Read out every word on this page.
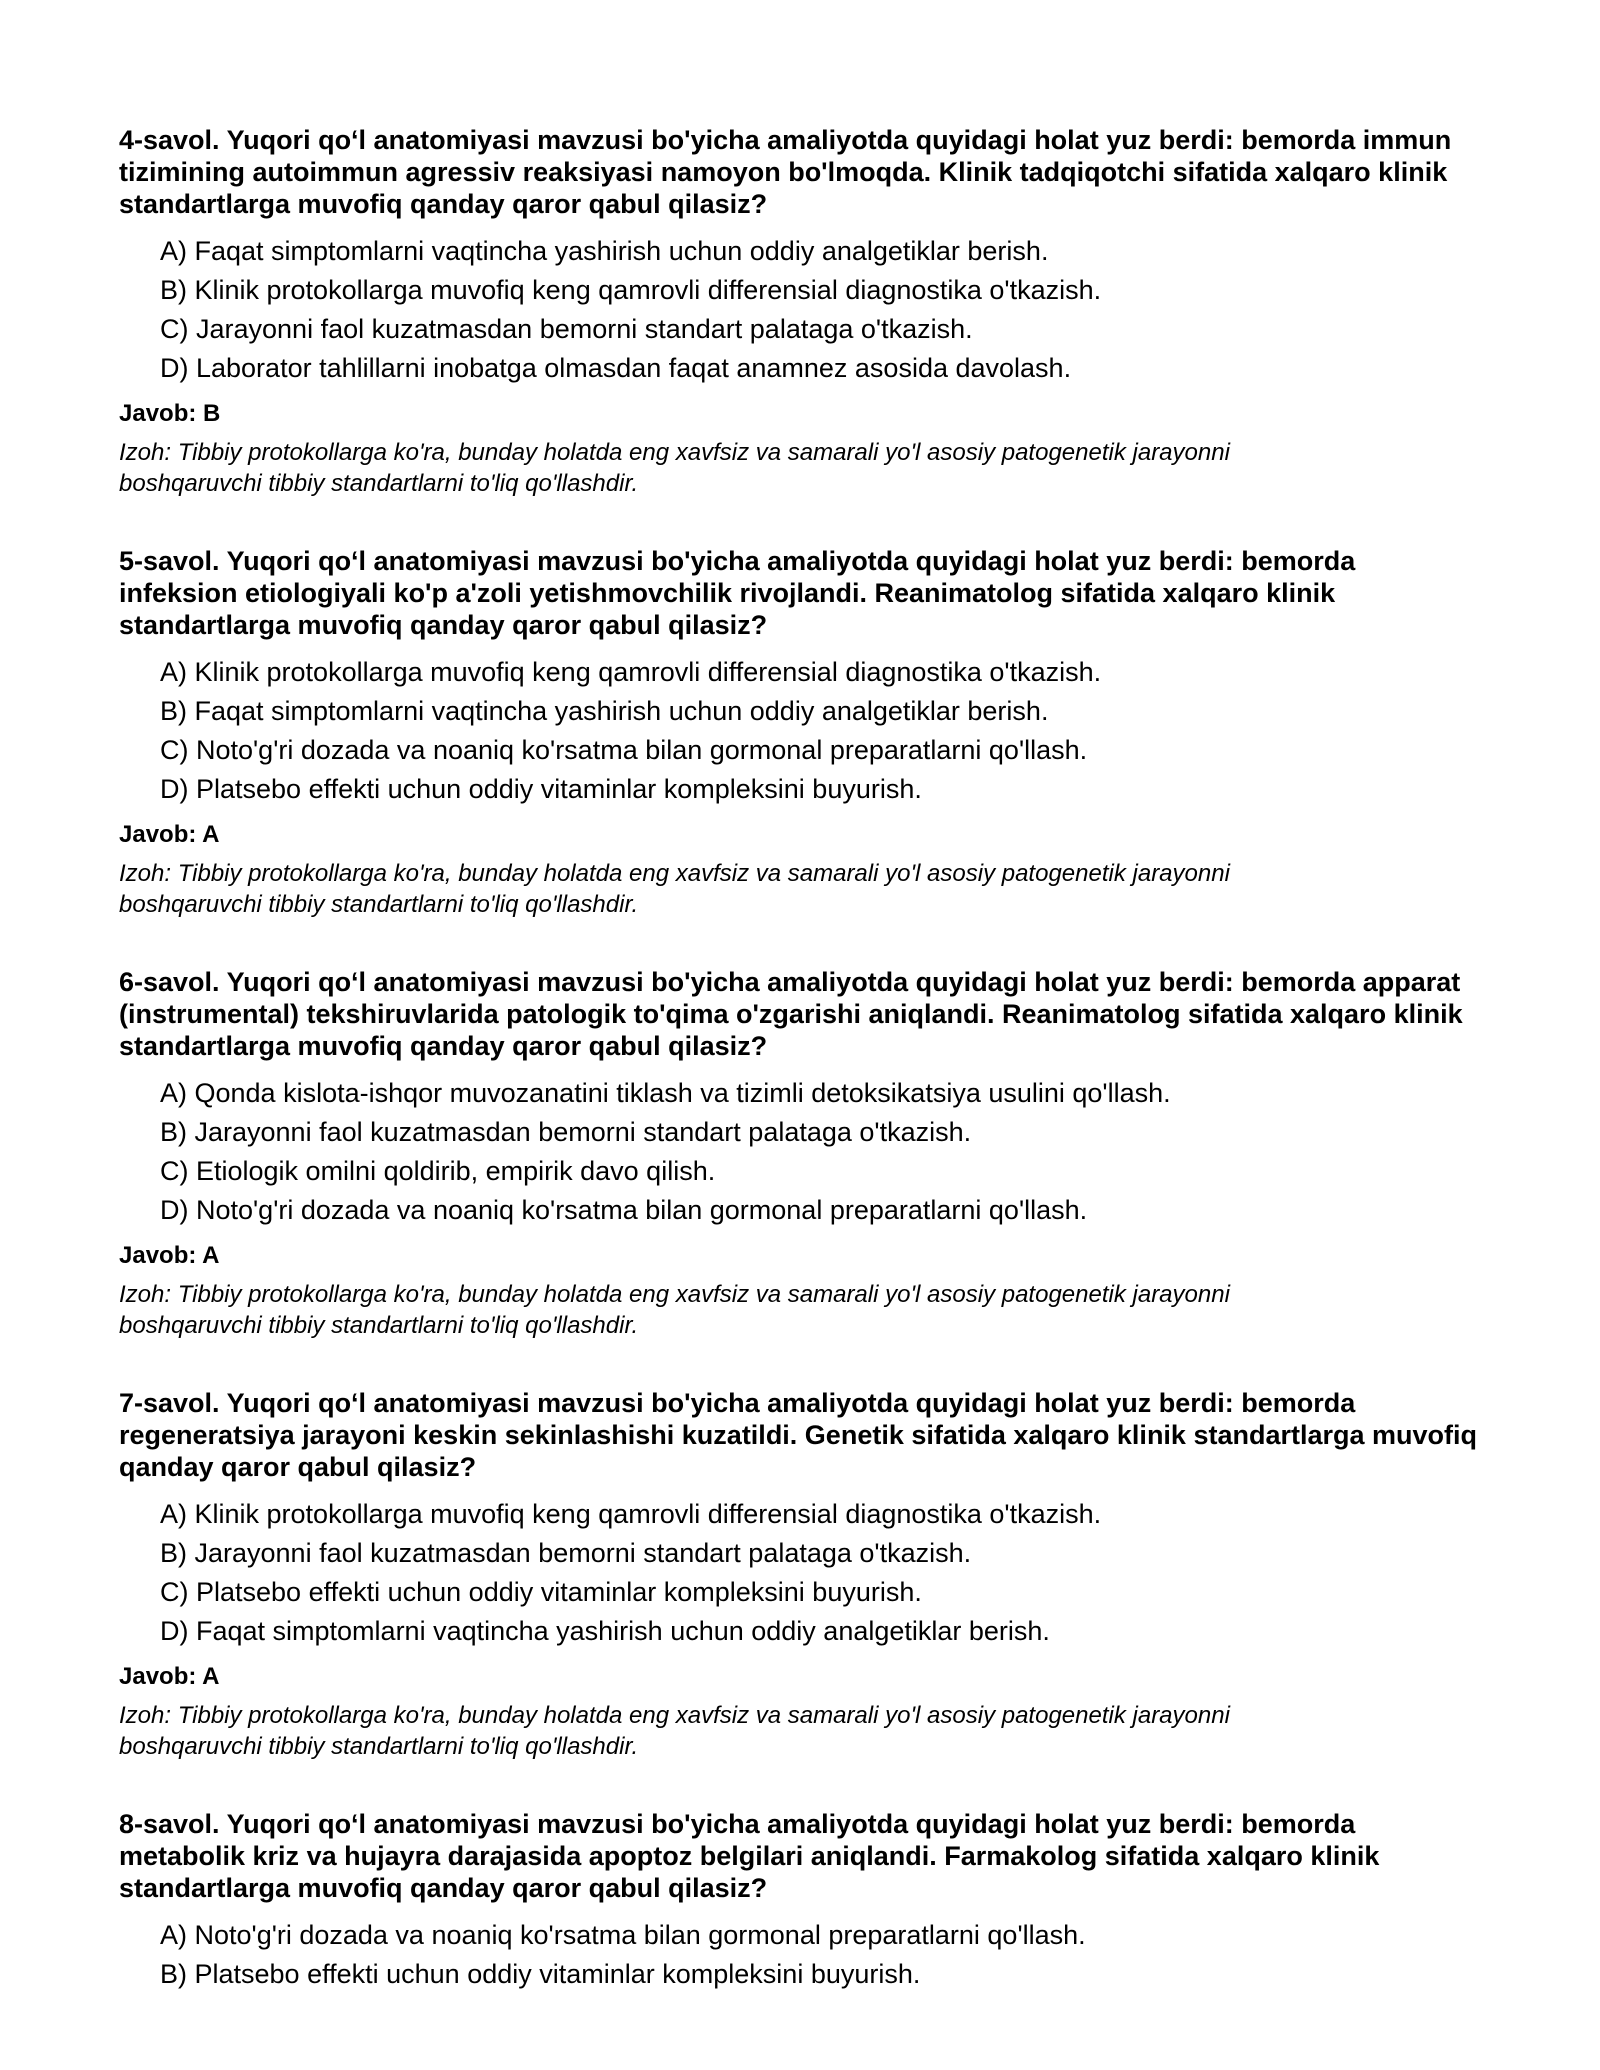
4-savol. Yuqori qo‘l anatomiyasi mavzusi bo'yicha amaliyotda quyidagi holat yuz berdi: bemorda immun tizimining autoimmun agressiv reaksiyasi namoyon bo'lmoqda. Klinik tadqiqotchi sifatida xalqaro klinik standartlarga muvofiq qanday qaror qabul qilasiz?

A) Faqat simptomlarni vaqtincha yashirish uchun oddiy analgetiklar berish.
B) Klinik protokollarga muvofiq keng qamrovli differensial diagnostika o'tkazish.
C) Jarayonni faol kuzatmasdan bemorni standart palataga o'tkazish.
D) Laborator tahlillarni inobatga olmasdan faqat anamnez asosida davolash.
Javob: B
Izoh: Tibbiy protokollarga ko'ra, bunday holatda eng xavfsiz va samarali yo'l asosiy patogenetik jarayonni boshqaruvchi tibbiy standartlarni to'liq qo'llashdir.

5-savol. Yuqori qo‘l anatomiyasi mavzusi bo'yicha amaliyotda quyidagi holat yuz berdi: bemorda infeksion etiologiyali ko'p a'zoli yetishmovchilik rivojlandi. Reanimatolog sifatida xalqaro klinik standartlarga muvofiq qanday qaror qabul qilasiz?

A) Klinik protokollarga muvofiq keng qamrovli differensial diagnostika o'tkazish.
B) Faqat simptomlarni vaqtincha yashirish uchun oddiy analgetiklar berish.
C) Noto'g'ri dozada va noaniq ko'rsatma bilan gormonal preparatlarni qo'llash.
D) Platsebo effekti uchun oddiy vitaminlar kompleksini buyurish.
Javob: A
Izoh: Tibbiy protokollarga ko'ra, bunday holatda eng xavfsiz va samarali yo'l asosiy patogenetik jarayonni boshqaruvchi tibbiy standartlarni to'liq qo'llashdir.

6-savol. Yuqori qo‘l anatomiyasi mavzusi bo'yicha amaliyotda quyidagi holat yuz berdi: bemorda apparat (instrumental) tekshiruvlarida patologik to'qima o'zgarishi aniqlandi. Reanimatolog sifatida xalqaro klinik standartlarga muvofiq qanday qaror qabul qilasiz?

A) Qonda kislota-ishqor muvozanatini tiklash va tizimli detoksikatsiya usulini qo'llash.
B) Jarayonni faol kuzatmasdan bemorni standart palataga o'tkazish.
C) Etiologik omilni qoldirib, empirik davo qilish.
D) Noto'g'ri dozada va noaniq ko'rsatma bilan gormonal preparatlarni qo'llash.
Javob: A
Izoh: Tibbiy protokollarga ko'ra, bunday holatda eng xavfsiz va samarali yo'l asosiy patogenetik jarayonni boshqaruvchi tibbiy standartlarni to'liq qo'llashdir.

7-savol. Yuqori qo‘l anatomiyasi mavzusi bo'yicha amaliyotda quyidagi holat yuz berdi: bemorda regeneratsiya jarayoni keskin sekinlashishi kuzatildi. Genetik sifatida xalqaro klinik standartlarga muvofiq qanday qaror qabul qilasiz?

A) Klinik protokollarga muvofiq keng qamrovli differensial diagnostika o'tkazish.
B) Jarayonni faol kuzatmasdan bemorni standart palataga o'tkazish.
C) Platsebo effekti uchun oddiy vitaminlar kompleksini buyurish.
D) Faqat simptomlarni vaqtincha yashirish uchun oddiy analgetiklar berish.
Javob: A
Izoh: Tibbiy protokollarga ko'ra, bunday holatda eng xavfsiz va samarali yo'l asosiy patogenetik jarayonni boshqaruvchi tibbiy standartlarni to'liq qo'llashdir.

8-savol. Yuqori qo‘l anatomiyasi mavzusi bo'yicha amaliyotda quyidagi holat yuz berdi: bemorda metabolik kriz va hujayra darajasida apoptoz belgilari aniqlandi. Farmakolog sifatida xalqaro klinik standartlarga muvofiq qanday qaror qabul qilasiz?

A) Noto'g'ri dozada va noaniq ko'rsatma bilan gormonal preparatlarni qo'llash.
B) Platsebo effekti uchun oddiy vitaminlar kompleksini buyurish.
